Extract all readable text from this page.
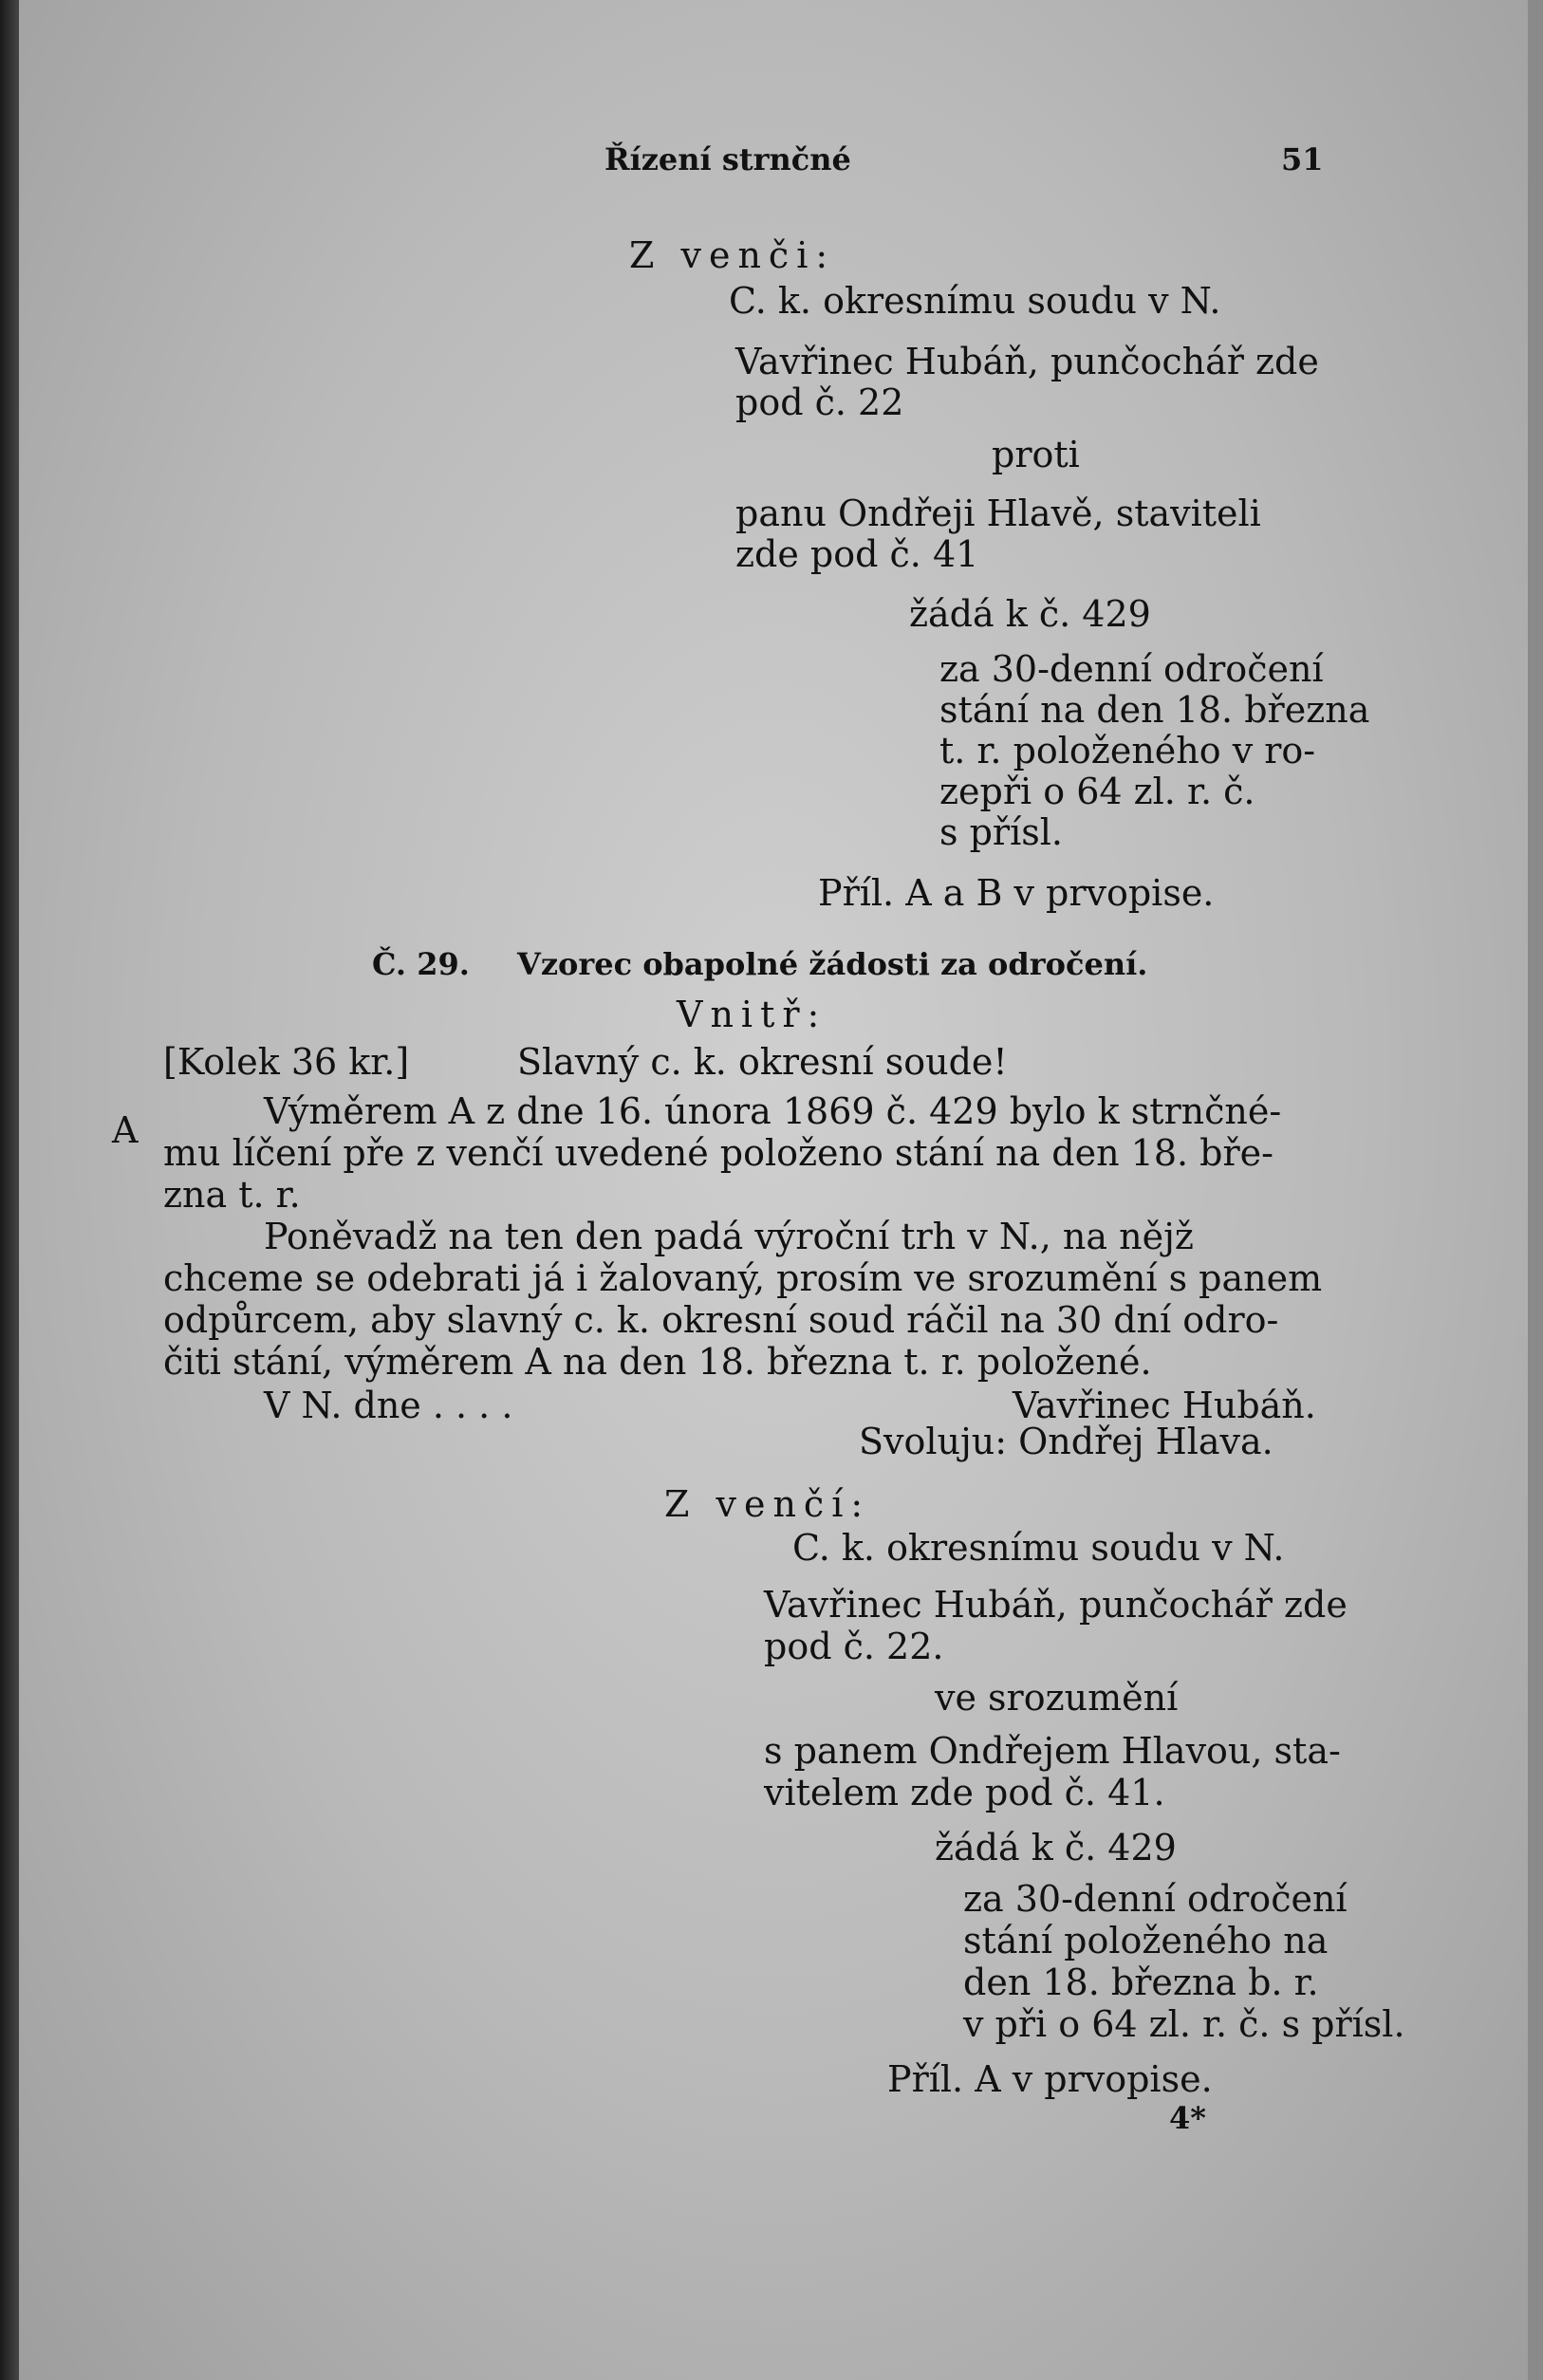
Řízení strnčné	51

Z venči:

C. k. okresnímu soudu v N.

Vavřinec Hubáň, punčochář zde

pod č. 22

proti

panu Ondřeji Hlavě, staviteli

zde pod č. 41

žádá k č. 429

za 30-denní odročení

stání na den 18. března

t. r. položeného v ro-

zepři o 64 zl. r. č.

s přísl.

Příl. A a B v prvopise.

Č. 29. Vzorec obapolné žádosti za odročení.

Vnitř:

[Kolek 36 kr.]	Slavný c. k. okresní soude!

A	Výměrem A z dne 16. února 1869 č. 429 bylo k strnčné-

mu líčení pře z venčí uvedené položeno stání na den 18. bře-

zna t. r.

Poněvadž na ten den padá výroční trh v N., na nějž

chceme se odebrati já i žalovaný, prosím ve srozumění s panem

odpůrcem, aby slavný c. k. okresní soud ráčil na 30 dní odro-

čiti stání, výměrem A na den 18. března t. r. položené.

V N. dne . . . .	Vavřinec Hubáň.

Svoluju: Ondřej Hlava.

Z venčí:

C. k. okresnímu soudu v N.

Vavřinec Hubáň, punčochář zde

pod č. 22.

ve srozumění

s panem Ondřejem Hlavou, sta-

vitelem zde pod č. 41.

žádá k č. 429

za 30-denní odročení

stání položeného na

den 18. března b. r.

v při o 64 zl. r. č. s přísl.

Příl. A v prvopise.

4*
